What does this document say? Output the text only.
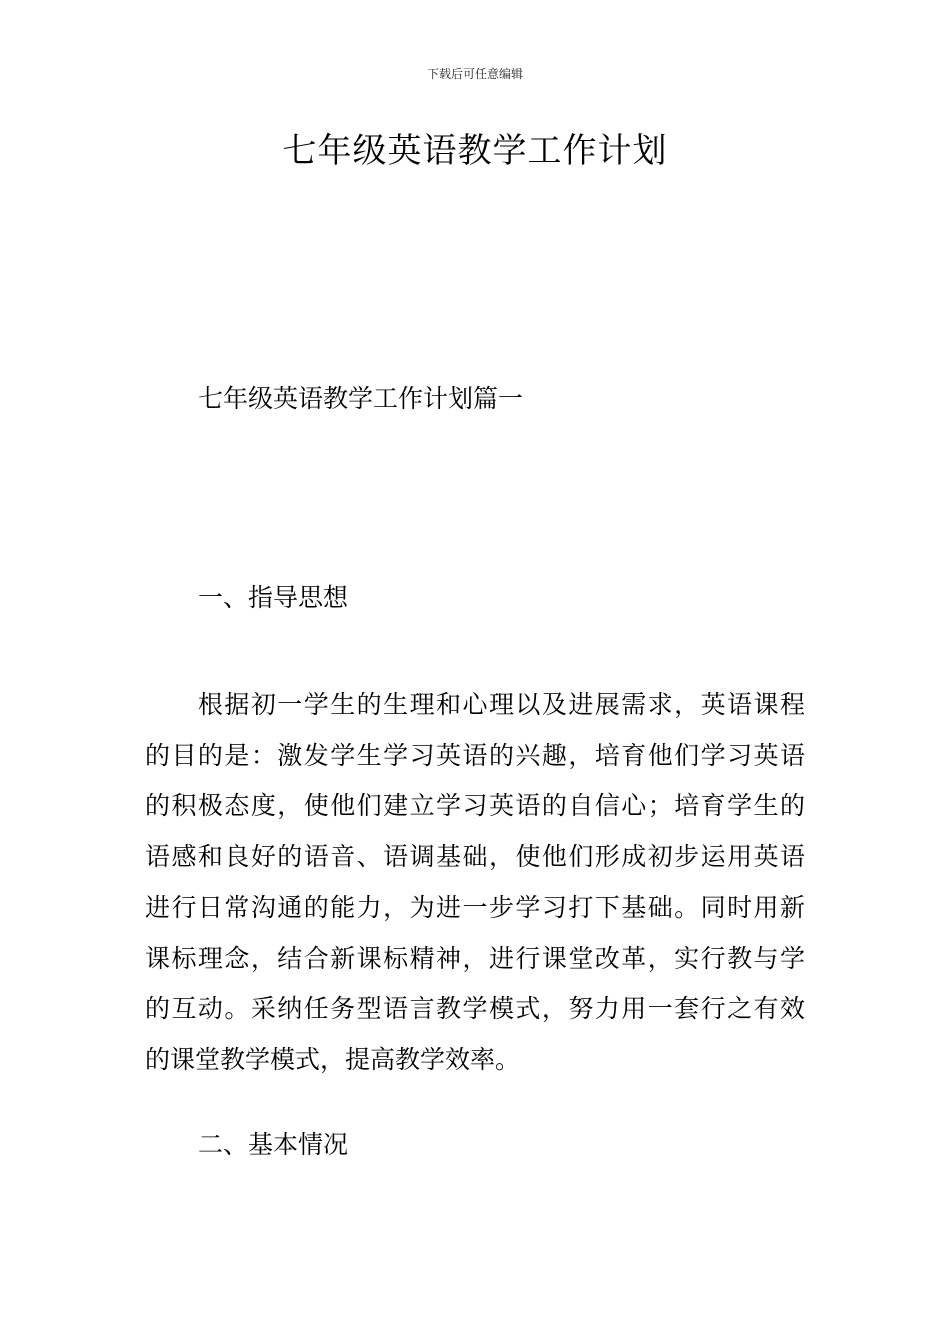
下载后可任意编辑
七年级英语教学工作计划
七年级英语教学工作计划篇一
一、指导思想
　　根据初一学生的生理和心理以及进展需求，英语课程
的目的是：激发学生学习英语的兴趣，培育他们学习英语
的积极态度，使他们建立学习英语的自信心；培育学生的
语感和良好的语音、语调基础，使他们形成初步运用英语
进行日常沟通的能力，为进一步学习打下基础。同时用新
课标理念，结合新课标精神，进行课堂改革，实行教与学
的互动。采纳任务型语言教学模式，努力用一套行之有效
的课堂教学模式，提高教学效率。
二、基本情况
